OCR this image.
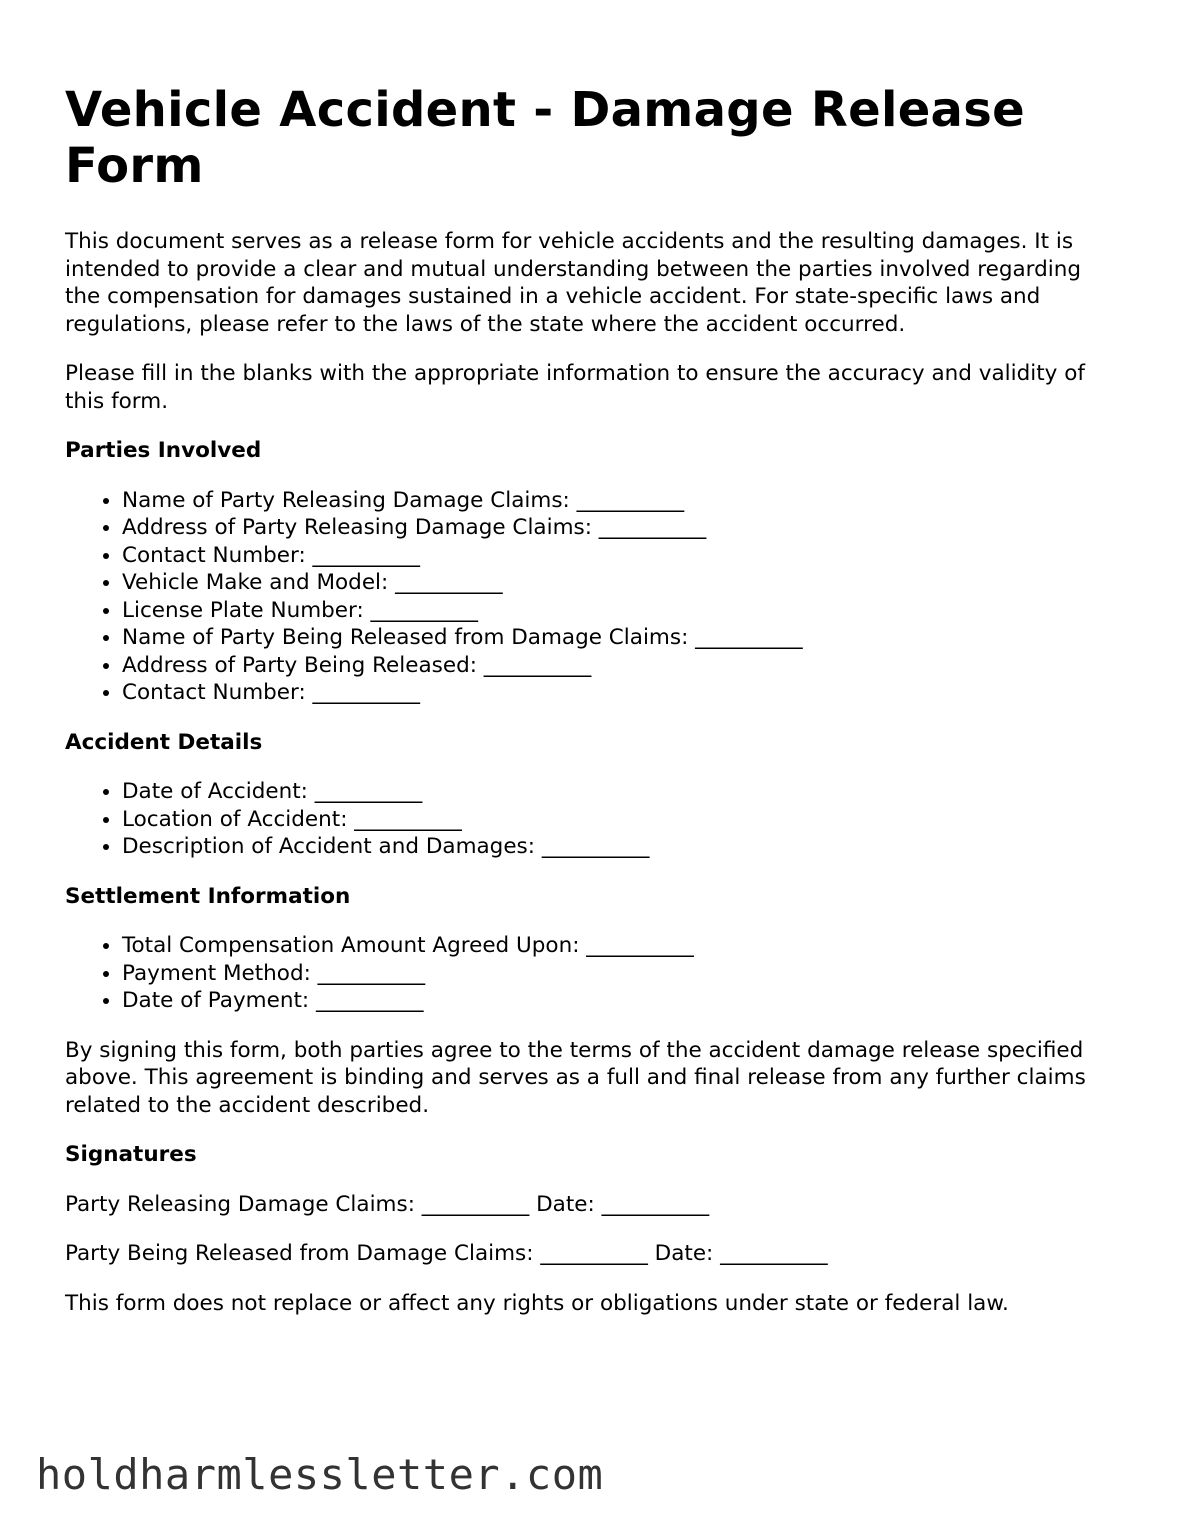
Vehicle Accident - Damage Release Form

This document serves as a release form for vehicle accidents and the resulting damages. It is intended to provide a clear and mutual understanding between the parties involved regarding the compensation for damages sustained in a vehicle accident. For state-specific laws and regulations, please refer to the laws of the state where the accident occurred.

Please fill in the blanks with the appropriate information to ensure the accuracy and validity of this form.

Parties Involved
• Name of Party Releasing Damage Claims: __________
• Address of Party Releasing Damage Claims: __________
• Contact Number: __________
• Vehicle Make and Model: __________
• License Plate Number: __________
• Name of Party Being Released from Damage Claims: __________
• Address of Party Being Released: __________
• Contact Number: __________
Accident Details
• Date of Accident: __________
• Location of Accident: __________
• Description of Accident and Damages: __________
Settlement Information
• Total Compensation Amount Agreed Upon: __________
• Payment Method: __________
• Date of Payment: __________

By signing this form, both parties agree to the terms of the accident damage release specified above. This agreement is binding and serves as a full and final release from any further claims related to the accident described.

Signatures

Party Releasing Damage Claims: __________ Date: __________

Party Being Released from Damage Claims: __________ Date: __________

This form does not replace or affect any rights or obligations under state or federal law.

holdharmlessletter.com
